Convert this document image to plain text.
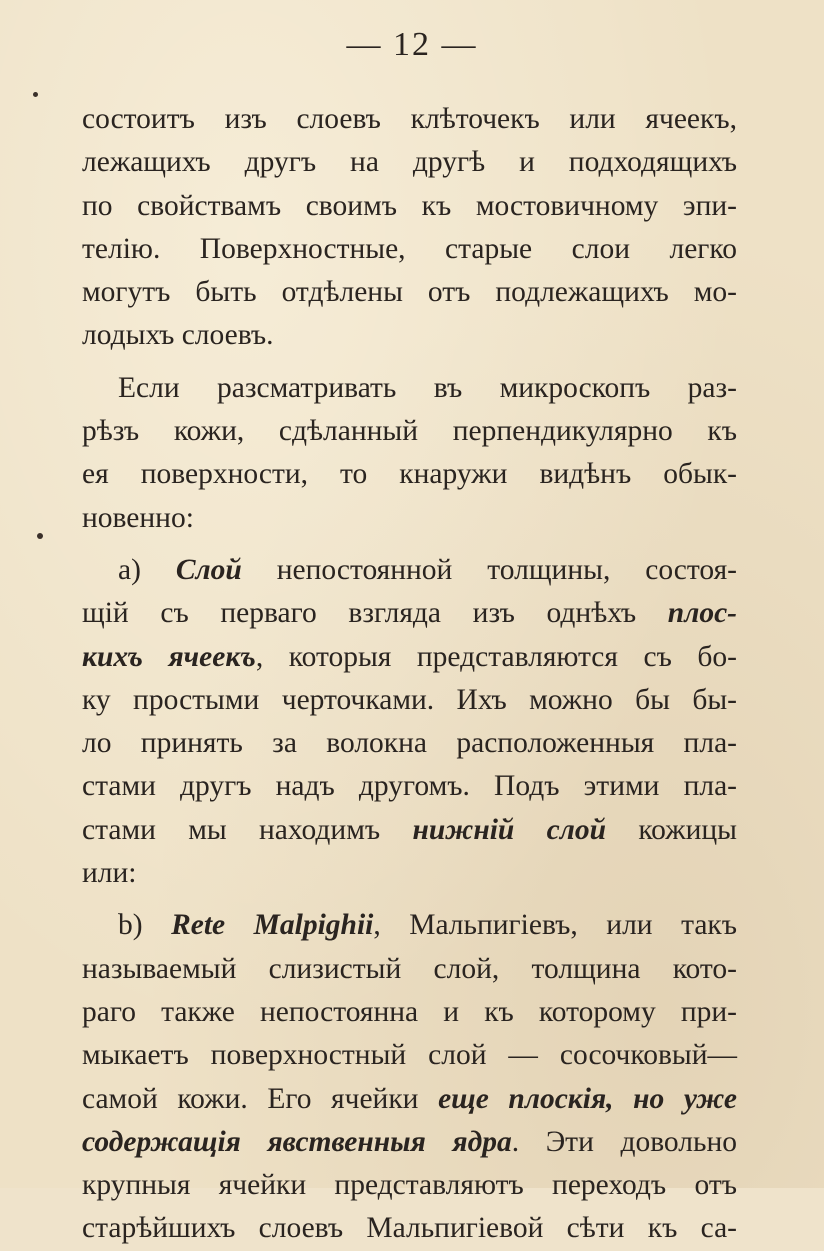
— 12 —
состоитъ изъ слоевъ клѣточекъ или ячеекъ,
лежащихъ другъ на другѣ и подходящихъ
по свойствамъ своимъ къ мостовичному эпи-
телію. Поверхностные, старые слои легко
могутъ быть отдѣлены отъ подлежащихъ мо-
лодыхъ слоевъ.
Если разсматривать въ микроскопъ раз-
рѣзъ кожи, сдѣланный перпендикулярно къ
ея поверхности, то кнаружи видѣнъ обык-
новенно:
a) Слой непостоянной толщины, состоя-
щій съ перваго взгляда изъ однѣхъ плос-
кихъ ячеекъ, которыя представляются съ бо-
ку простыми черточками. Ихъ можно бы бы-
ло принять за волокна расположенныя пла-
стами другъ надъ другомъ. Подъ этими пла-
стами мы находимъ нижній слой кожицы
или:
b) Rete Malpighii, Мальпигіевъ, или такъ
называемый слизистый слой, толщина кото-
раго также непостоянна и къ которому при-
мыкаетъ поверхностный слой — сосочковый—
самой кожи. Его ячейки еще плоскія, но уже
содержащія явственныя ядра. Эти довольно
крупныя ячейки представляютъ переходъ отъ
старѣйшихъ слоевъ Мальпигіевой сѣти къ са-
